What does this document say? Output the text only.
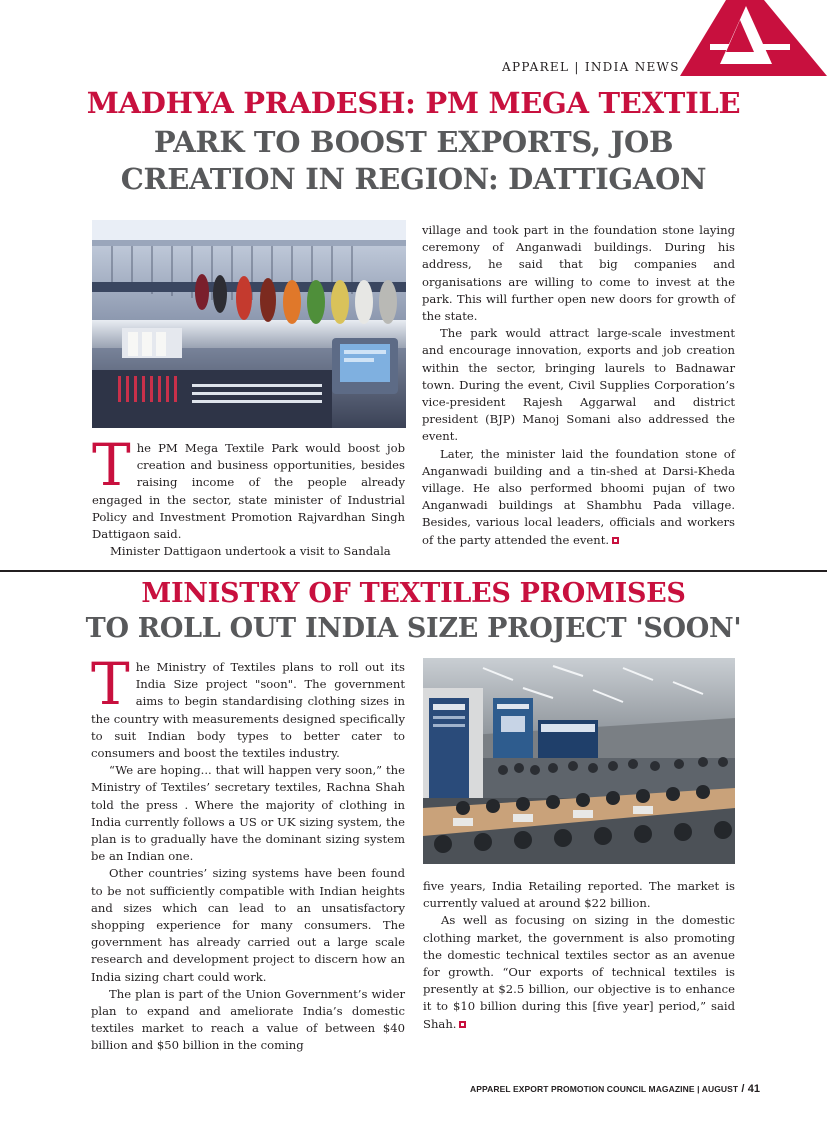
APPAREL | INDIA NEWS
MADHYA PRADESH: PM MEGA TEXTILE
PARK TO BOOST EXPORTS, JOB
CREATION IN REGION: DATTIGAON

The PM Mega Textile Park would boost job creation and business opportunities, besides raising income of the people already engaged in the sector, state minister of Industrial Policy and Investment Promotion Rajvardhan Singh Dattigaon said.

Minister Dattigaon undertook a visit to Sandala

village and took part in the foundation stone laying ceremony of Anganwadi buildings. During his address, he said that big companies and organisations are willing to come to invest at the park. This will further open new doors for growth of the state.

The park would attract large-scale investment and encourage innovation, exports and job creation within the sector, bringing laurels to Badnawar town. During the event, Civil Supplies Corporation’s vice-president Rajesh Aggarwal and district president (BJP) Manoj Somani also addressed the event.

Later, the minister laid the foundation stone of Anganwadi building and a tin-shed at Darsi-Kheda village. He also performed bhoomi pujan of two Anganwadi buildings at Shambhu Pada village. Besides, various local leaders, officials and workers of the party attended the event.

MINISTRY OF TEXTILES PROMISES
TO ROLL OUT INDIA SIZE PROJECT 'SOON'

The Ministry of Textiles plans to roll out its India Size project "soon". The government aims to begin standardising clothing sizes in the country with measurements designed specifically to suit Indian body types to better cater to consumers and boost the textiles industry.

“We are hoping... that will happen very soon,” the Ministry of Textiles’ secretary textiles, Rachna Shah told the press . Where the majority of clothing in India currently follows a US or UK sizing system, the plan is to gradually have the dominant sizing system be an Indian one.

Other countries’ sizing systems have been found to be not sufficiently compatible with Indian heights and sizes which can lead to an unsatisfactory shopping experience for many consumers. The government has already carried out a large scale research and development project to discern how an India sizing chart could work.

The plan is part of the Union Government’s wider plan to expand and ameliorate India’s domestic textiles market to reach a value of between $40 billion and $50 billion in the coming

five years, India Retailing reported. The market is currently valued at around $22 billion.

As well as focusing on sizing in the domestic clothing market, the government is also promoting the domestic technical textiles sector as an avenue for growth. “Our exports of technical textiles is presently at $2.5 billion, our objective is to enhance it to $10 billion during this [five year] period,” said Shah.

APPAREL EXPORT PROMOTION COUNCIL MAGAZINE | AUGUST / 41
